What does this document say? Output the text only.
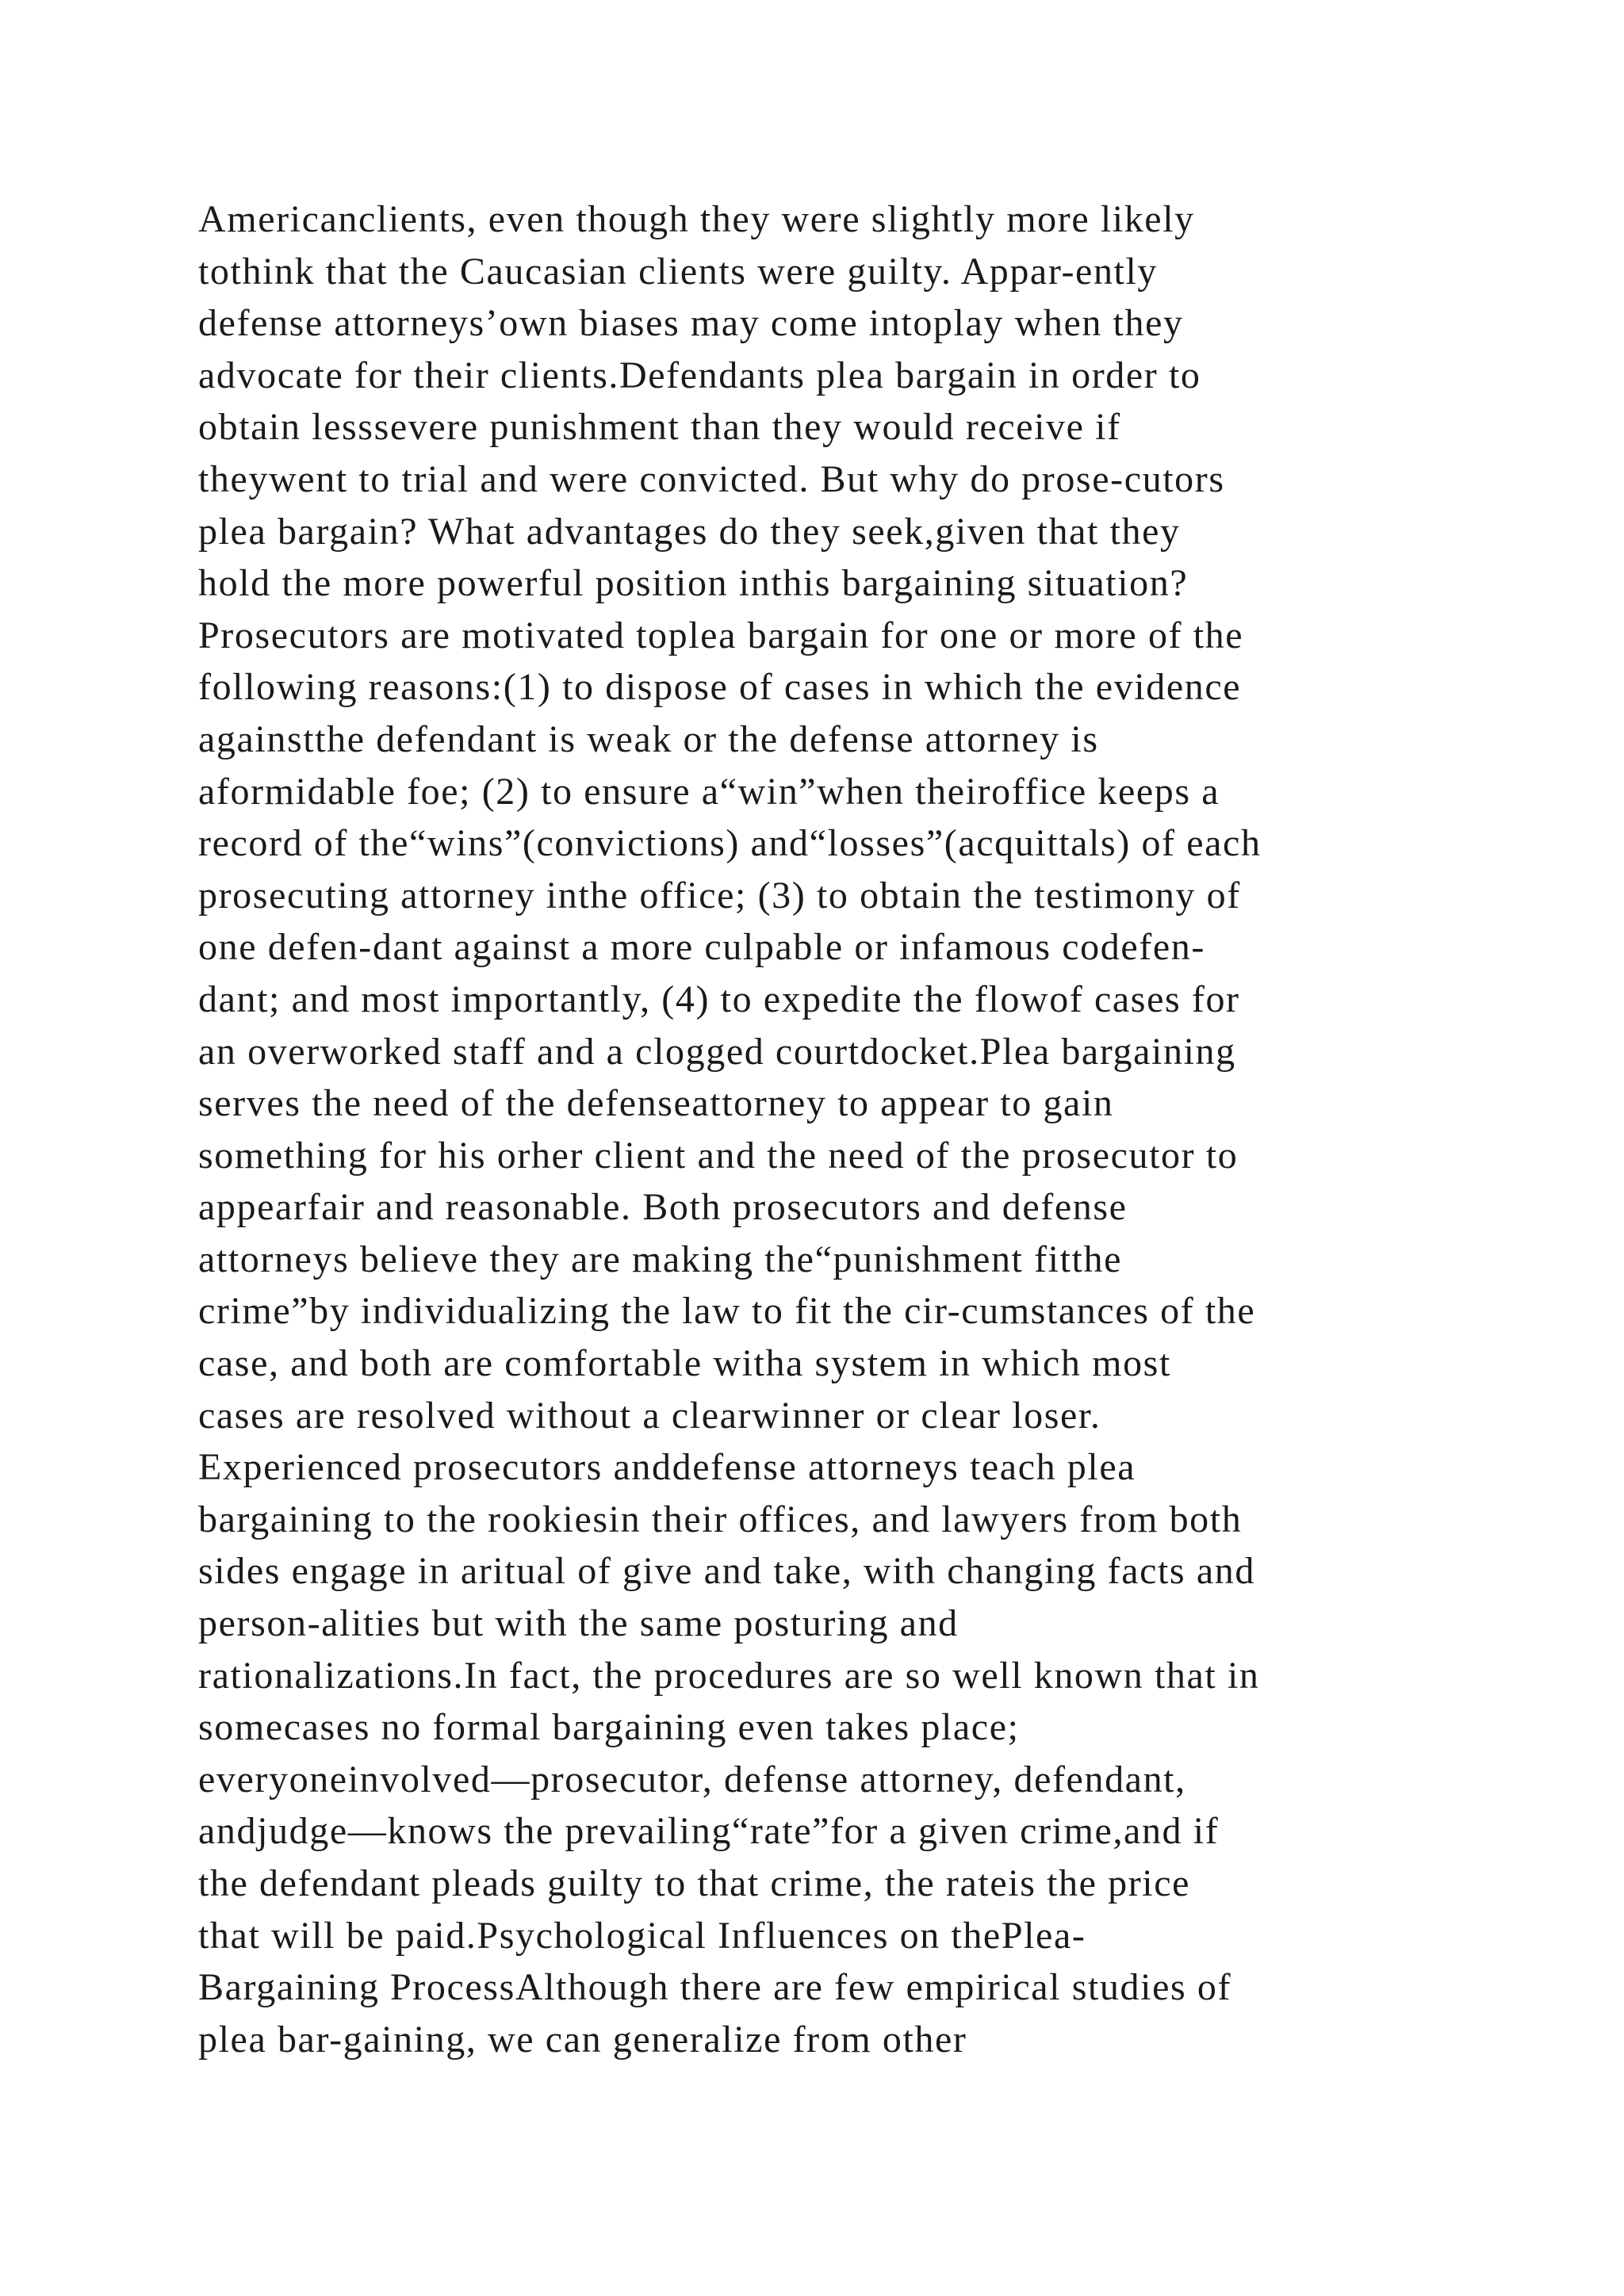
Americanclients, even though they were slightly more likely
tothink that the Caucasian clients were guilty. Appar-ently
defense attorneys’own biases may come intoplay when they
advocate for their clients.Defendants plea bargain in order to
obtain lesssevere punishment than they would receive if
theywent to trial and were convicted. But why do prose-cutors
plea bargain? What advantages do they seek,given that they
hold the more powerful position inthis bargaining situation?
Prosecutors are motivated toplea bargain for one or more of the
following reasons:(1) to dispose of cases in which the evidence
againstthe defendant is weak or the defense attorney is
aformidable foe; (2) to ensure a“win”when theiroffice keeps a
record of the“wins”(convictions) and“losses”(acquittals) of each
prosecuting attorney inthe office; (3) to obtain the testimony of
one defen-dant against a more culpable or infamous codefen-
dant; and most importantly, (4) to expedite the flowof cases for
an overworked staff and a clogged courtdocket.Plea bargaining
serves the need of the defenseattorney to appear to gain
something for his orher client and the need of the prosecutor to
appearfair and reasonable. Both prosecutors and defense
attorneys believe they are making the“punishment fitthe
crime”by individualizing the law to fit the cir-cumstances of the
case, and both are comfortable witha system in which most
cases are resolved without a clearwinner or clear loser.
Experienced prosecutors anddefense attorneys teach plea
bargaining to the rookiesin their offices, and lawyers from both
sides engage in aritual of give and take, with changing facts and
person-alities but with the same posturing and
rationalizations.In fact, the procedures are so well known that in
somecases no formal bargaining even takes place;
everyoneinvolved—prosecutor, defense attorney, defendant,
andjudge—knows the prevailing“rate”for a given crime,and if
the defendant pleads guilty to that crime, the rateis the price
that will be paid.Psychological Influences on thePlea-
Bargaining ProcessAlthough there are few empirical studies of
plea bar-gaining, we can generalize from other
